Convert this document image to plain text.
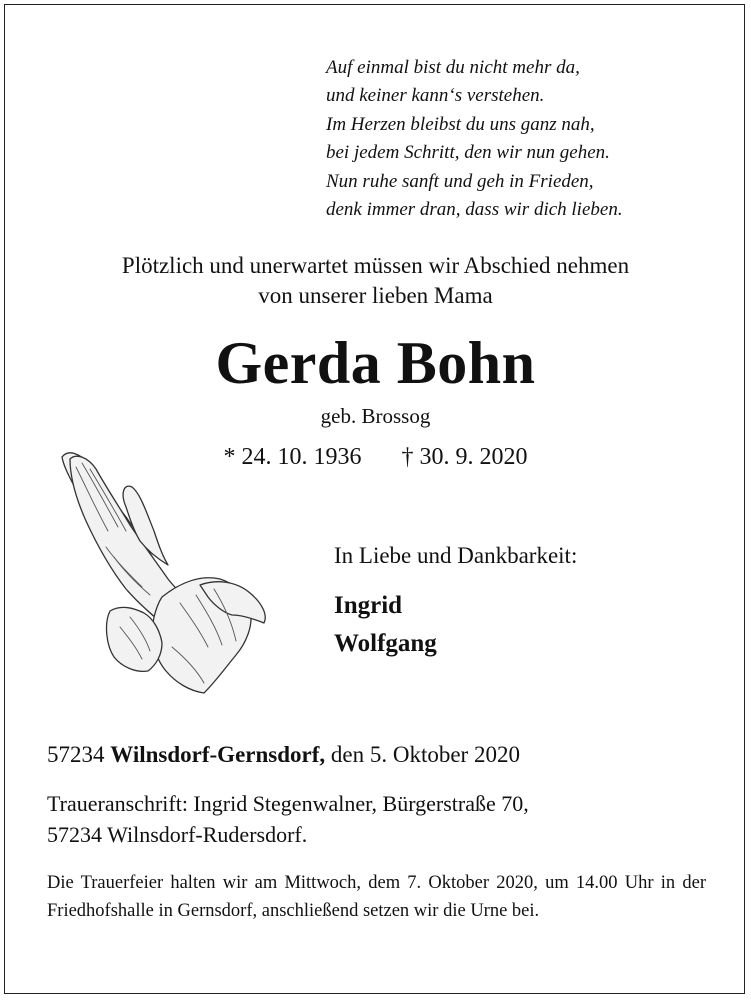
Auf einmal bist du nicht mehr da,
und keiner kann‘s verstehen.
Im Herzen bleibst du uns ganz nah,
bei jedem Schritt, den wir nun gehen.
Nun ruhe sanft und geh in Frieden,
denk immer dran, dass wir dich lieben.
Plötzlich und unerwartet müssen wir Abschied nehmen
von unserer lieben Mama
Gerda Bohn
geb. Brossog
* 24. 10. 1936 † 30. 9. 2020
In Liebe und Dankbarkeit:
Ingrid
Wolfgang
57234 Wilnsdorf-Gernsdorf, den 5. Oktober 2020
Traueranschrift: Ingrid Stegenwalner, Bürgerstraße 70,
57234 Wilnsdorf-Rudersdorf.
Die Trauerfeier halten wir am Mittwoch, dem 7. Oktober 2020, um 14.00 Uhr in der Friedhofshalle in Gernsdorf, anschließend setzen wir die Urne bei.
